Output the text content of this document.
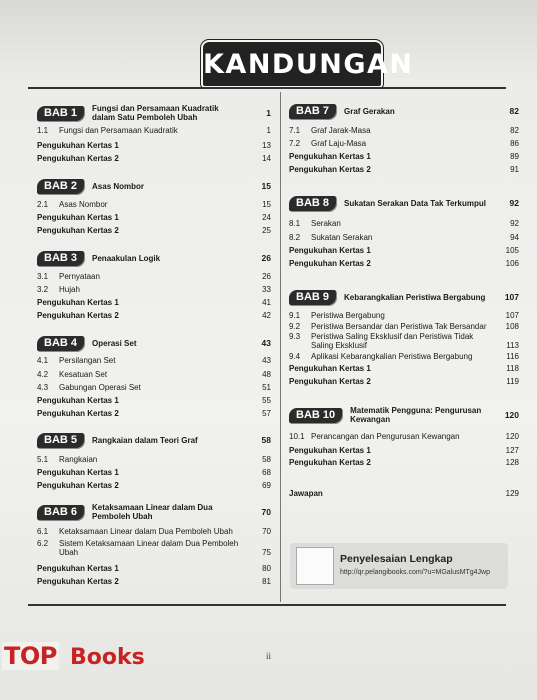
KANDUNGAN
BAB 1	Fungsi dan Persamaan Kuadratik dalam Satu Pemboleh Ubah	1
1.1	Fungsi dan Persamaan Kuadratik	1
Pengukuhan Kertas 1	13
Pengukuhan Kertas 2	14
BAB 2	Asas Nombor	15
2.1	Asas Nombor	15
Pengukuhan Kertas 1	24
Pengukuhan Kertas 2	25
BAB 3	Penaakulan Logik	26
3.1	Pernyataan	26
3.2	Hujah	33
Pengukuhan Kertas 1	41
Pengukuhan Kertas 2	42
BAB 4	Operasi Set	43
4.1	Persilangan Set	43
4.2	Kesatuan Set	48
4.3	Gabungan Operasi Set	51
Pengukuhan Kertas 1	55
Pengukuhan Kertas 2	57
BAB 5	Rangkaian dalam Teori Graf	58
5.1	Rangkaian	58
Pengukuhan Kertas 1	68
Pengukuhan Kertas 2	69
BAB 6	Ketaksamaan Linear dalam Dua Pemboleh Ubah	70
6.1	Ketaksamaan Linear dalam Dua Pemboleh Ubah	70
6.2	Sistem Ketaksamaan Linear dalam Dua Pemboleh Ubah	75
Pengukuhan Kertas 1	80
Pengukuhan Kertas 2	81
BAB 7	Graf Gerakan	82
7.1	Graf Jarak-Masa	82
7.2	Graf Laju-Masa	86
Pengukuhan Kertas 1	89
Pengukuhan Kertas 2	91
BAB 8	Sukatan Serakan Data Tak Terkumpul	92
8.1	Serakan	92
8.2	Sukatan Serakan	94
Pengukuhan Kertas 1	105
Pengukuhan Kertas 2	106
BAB 9	Kebarangkalian Peristiwa Bergabung	107
9.1	Peristiwa Bergabung	107
9.2	Peristiwa Bersandar dan Peristiwa Tak Bersandar	108
9.3	Peristiwa Saling Eksklusif dan Peristiwa Tidak Saling Eksklusif	113
9.4	Aplikasi Kebarangkalian Peristiwa Bergabung	116
Pengukuhan Kertas 1	118
Pengukuhan Kertas 2	119
BAB 10	Matematik Pengguna: Pengurusan Kewangan	120
10.1 Perancangan dan Pengurusan Kewangan	120
Pengukuhan Kertas 1	127
Pengukuhan Kertas 2	128
Jawapan	129
Penyelesaian Lengkap
http://qr.pelangibooks.com/?u=MGalusMTg4Jwp
ii
TOP Books
